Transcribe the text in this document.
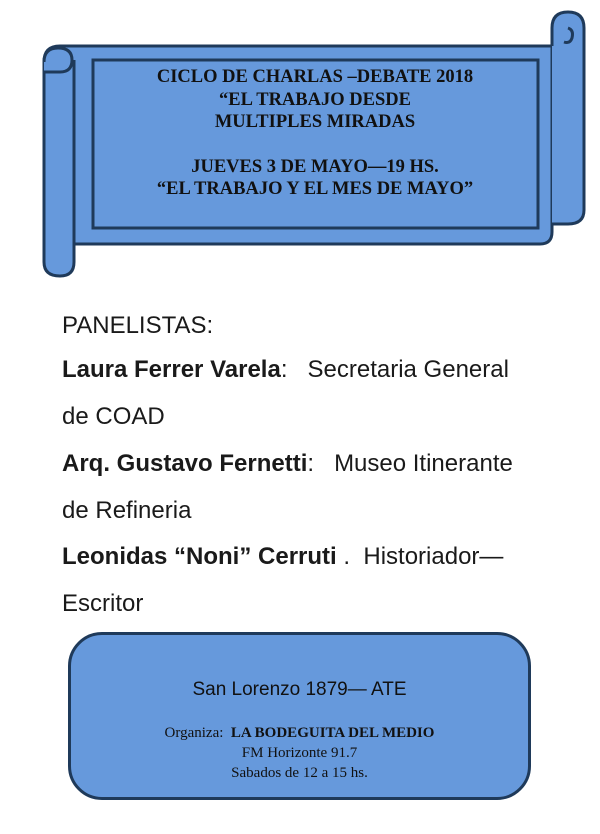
CICLO DE CHARLAS –DEBATE 2018
“EL TRABAJO DESDE
MULTIPLES MIRADAS
JUEVES 3 DE MAYO—19 HS.
“EL TRABAJO Y EL MES DE MAYO”
PANELISTAS:
Laura Ferrer Varela: Secretaria General
de COAD
Arq. Gustavo Fernetti: Museo Itinerante
de Refineria
Leonidas “Noni” Cerruti . Historiador—
Escritor
San Lorenzo 1879— ATE
Organiza: LA BODEGUITA DEL MEDIO
FM Horizonte 91.7
Sabados de 12 a 15 hs.
